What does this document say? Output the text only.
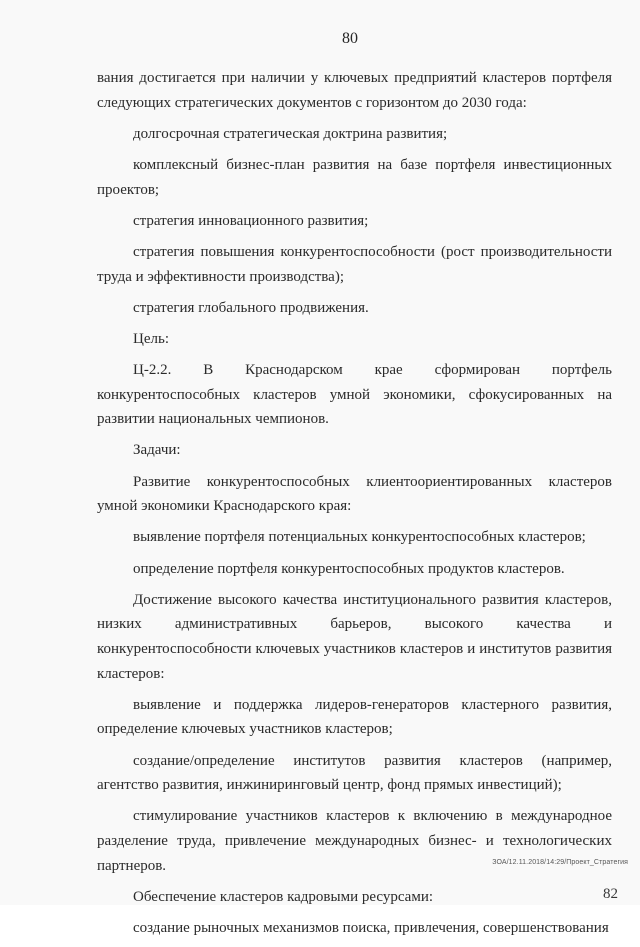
80

вания достигается при наличии у ключевых предприятий кластеров портфеля следующих стратегических документов с горизонтом до 2030 года:

долгосрочная стратегическая доктрина развития;

комплексный бизнес-план развития на базе портфеля инвестиционных проектов;

стратегия инновационного развития;

стратегия повышения конкурентоспособности (рост производительности труда и эффективности производства);

стратегия глобального продвижения.

Цель:

Ц-2.2. В Краснодарском крае сформирован портфель конкурентоспособных кластеров умной экономики, сфокусированных на развитии национальных чемпионов.

Задачи:

Развитие конкурентоспособных клиентоориентированных кластеров умной экономики Краснодарского края:

выявление портфеля потенциальных конкурентоспособных кластеров;

определение портфеля конкурентоспособных продуктов кластеров.

Достижение высокого качества институционального развития кластеров, низких административных барьеров, высокого качества и конкурентоспособности ключевых участников кластеров и институтов развития кластеров:

выявление и поддержка лидеров-генераторов кластерного развития, определение ключевых участников кластеров;

создание/определение институтов развития кластеров (например, агентство развития, инжиниринговый центр, фонд прямых инвестиций);

стимулирование участников кластеров к включению в международное разделение труда, привлечение международных бизнес- и технологических партнеров.

Обеспечение кластеров кадровыми ресурсами:

создание рыночных механизмов поиска, привлечения, совершенствования

ЗОА/12.11.2018/14:29/Проект_Стратегия
82
